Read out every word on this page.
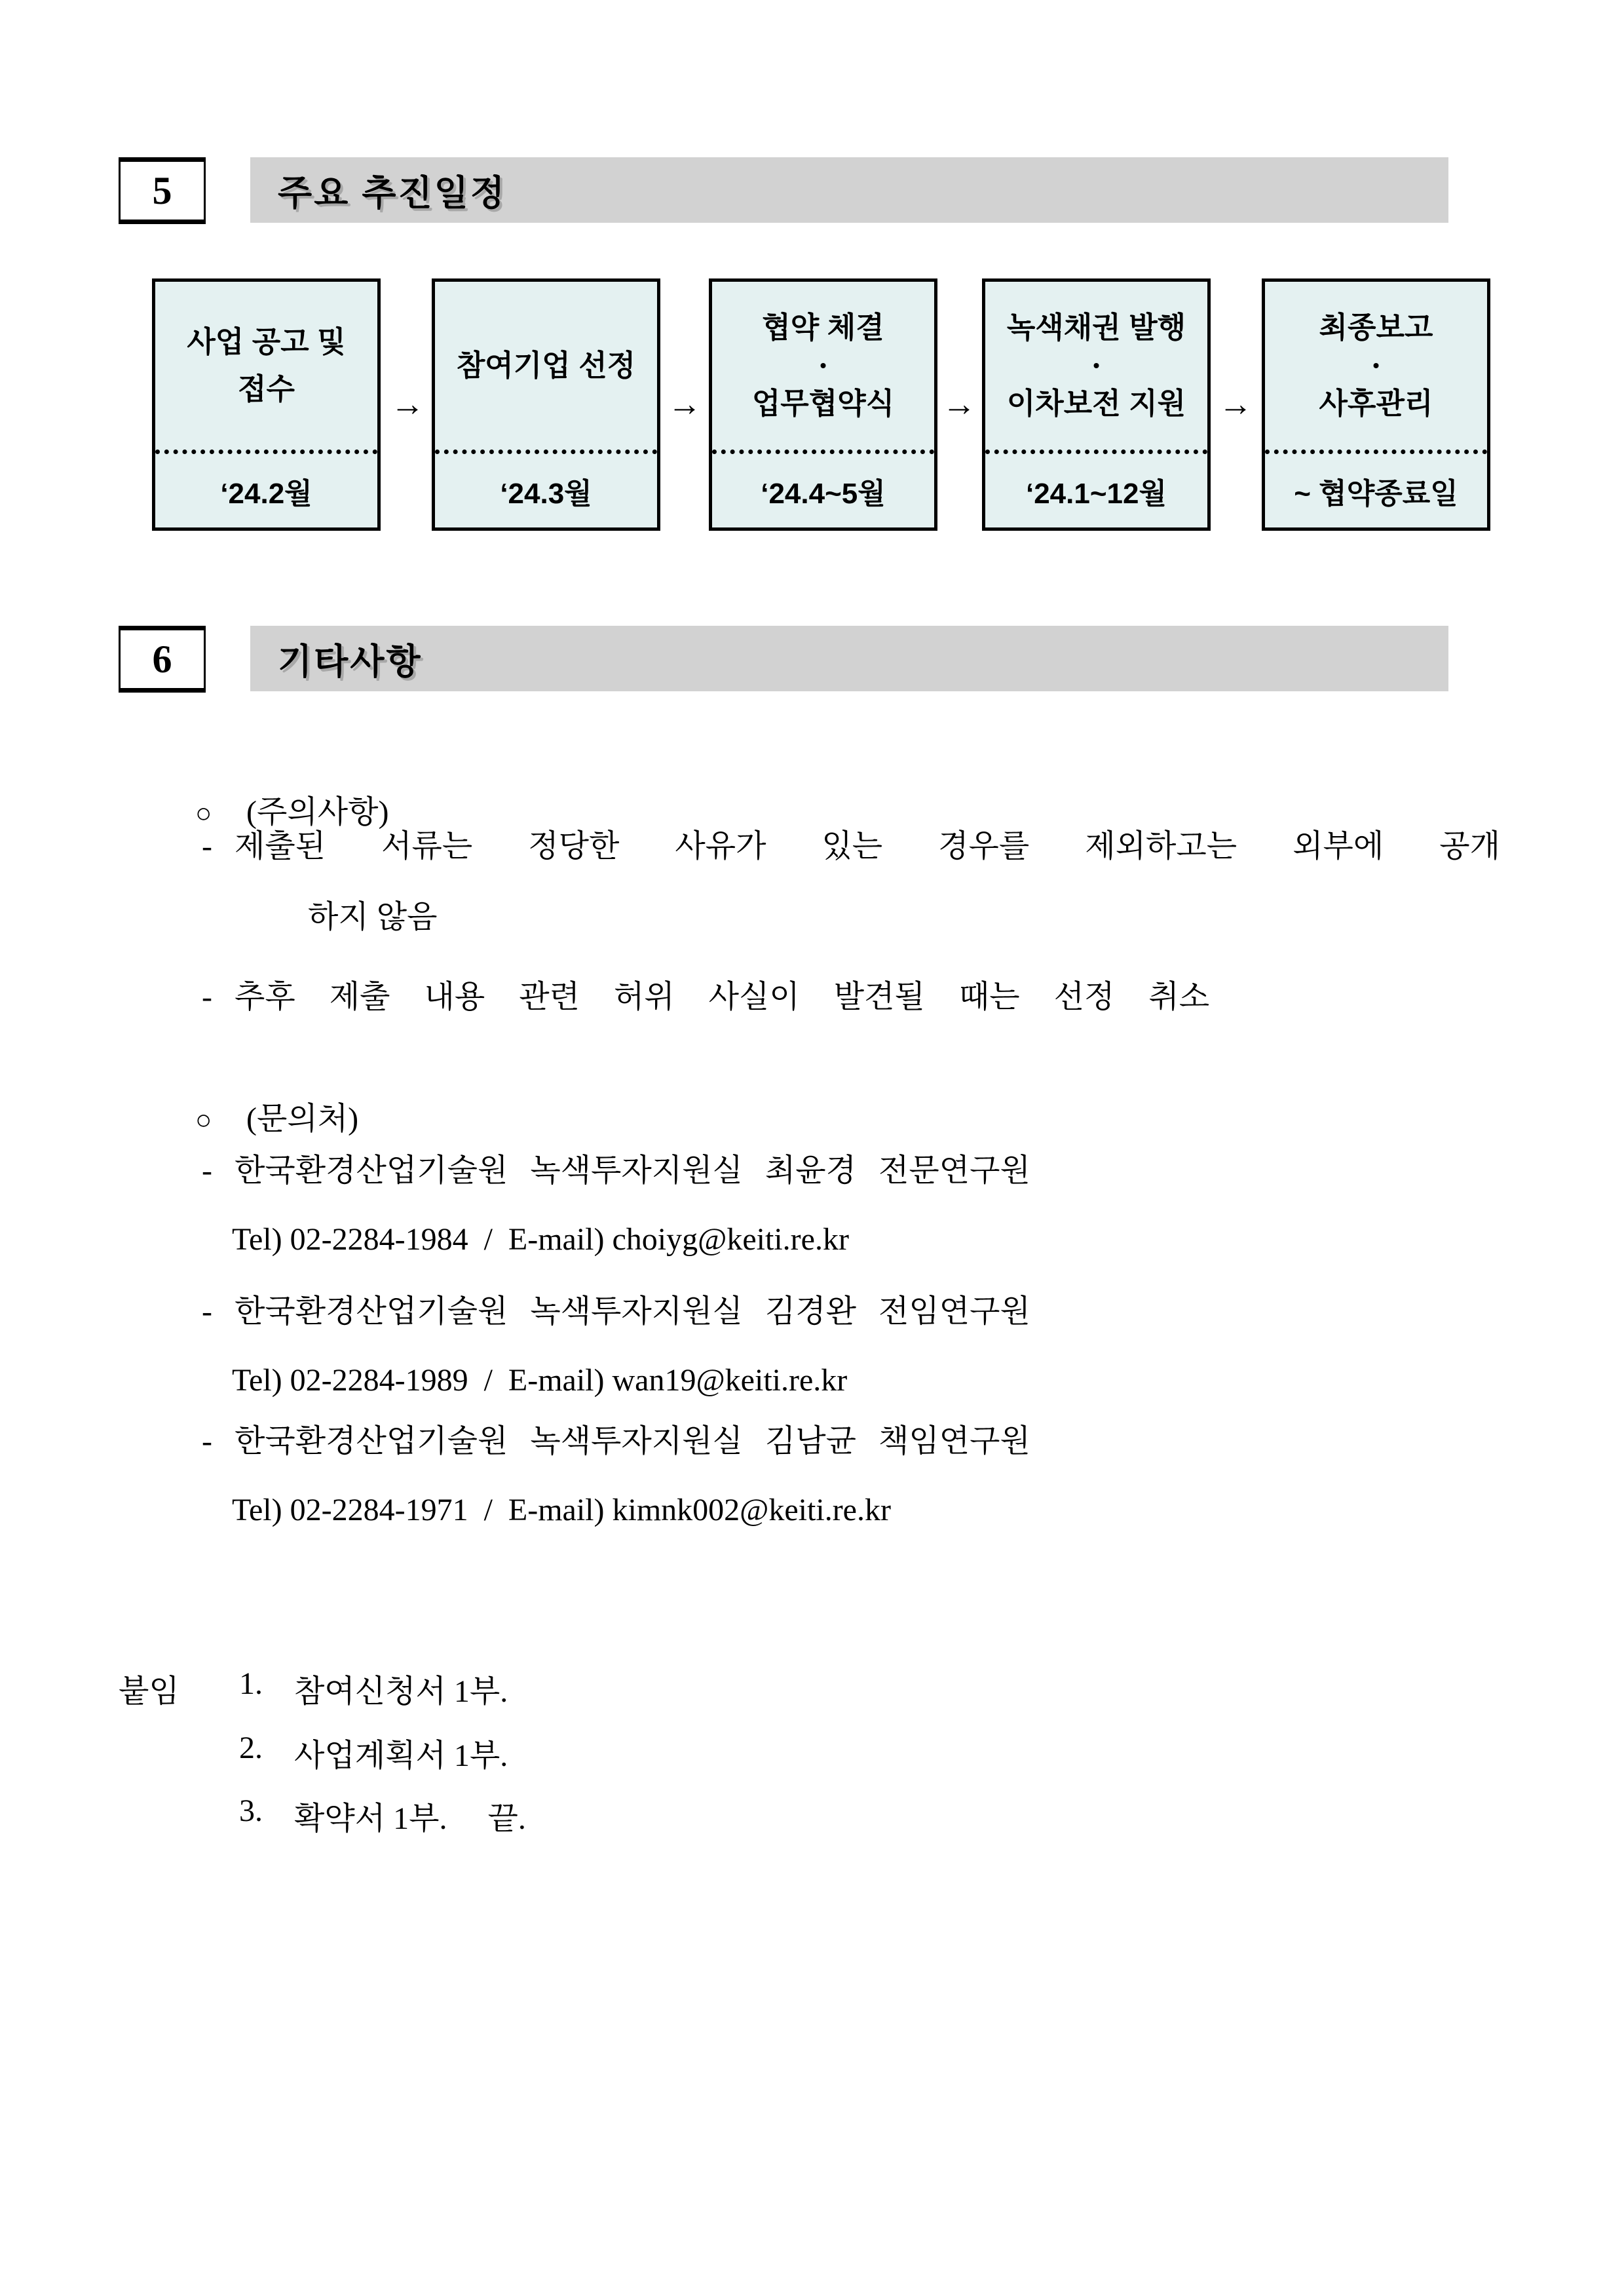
5	주요 추진일정
사업 공고 및
접수
‘24.2월
→
참여기업 선정
‘24.3월
→
협약 체결
•
업무협약식
‘24.4~5월
→
녹색채권 발행
•
이차보전 지원
‘24.1~12월
→
최종보고
•
사후관리
~ 협약종료일
6	기타사항

○ (주의사항)

- 제출된 서류는 정당한 사유가 있는 경우를 제외하고는 외부에 공개
하지 않음
- 추후 제출 내용 관련 허위 사실이 발견될 때는 선정 취소

○ (문의처)

- 한국환경산업기술원 녹색투자지원실 최윤경 전문연구원
Tel) 02-2284-1984  /  E-mail) choiyg@keiti.re.kr
- 한국환경산업기술원 녹색투자지원실 김경완 전임연구원
Tel) 02-2284-1989  /  E-mail) wan19@keiti.re.kr
- 한국환경산업기술원 녹색투자지원실 김남균 책임연구원
Tel) 02-2284-1971  /  E-mail) kimnk002@keiti.re.kr
붙임	1.	참여신청서 1부.
2.	사업계획서 1부.
3.	확약서 1부. 끝.
